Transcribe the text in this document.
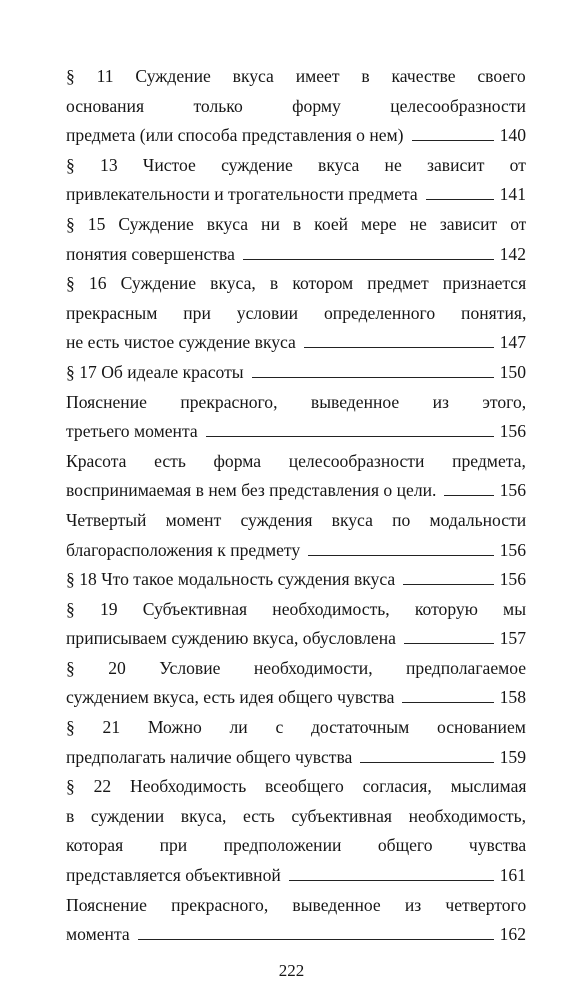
§ 11 Суждение вкуса имеет в качестве своего
основания только форму целесообразности
предмета (или способа представления о нем)	140
§ 13 Чистое суждение вкуса не зависит от
привлекательности и трогательности предмета	141
§ 15 Суждение вкуса ни в коей мере не зависит от
понятия совершенства	142
§ 16 Суждение вкуса, в котором предмет признается
прекрасным при условии определенного понятия,
не есть чистое суждение вкуса	147
§ 17 Об идеале красоты	150
Пояснение прекрасного, выведенное из этого,
третьего момента	156
Красота есть форма целесообразности предмета,
воспринимаемая в нем без представления о цели.	156
Четвертый момент суждения вкуса по модальности
благорасположения к предмету	156
§ 18 Что такое модальность суждения вкуса	156
§ 19 Субъективная необходимость, которую мы
приписываем суждению вкуса, обусловлена	157
§ 20 Условие необходимости, предполагаемое
суждением вкуса, есть идея общего чувства	158
§ 21 Можно ли с достаточным основанием
предполагать наличие общего чувства	159
§ 22 Необходимость всеобщего согласия, мыслимая
в суждении вкуса, есть субъективная необходимость,
которая при предположении общего чувства
представляется объективной	161
Пояснение прекрасного, выведенное из четвертого
момента	162
222
